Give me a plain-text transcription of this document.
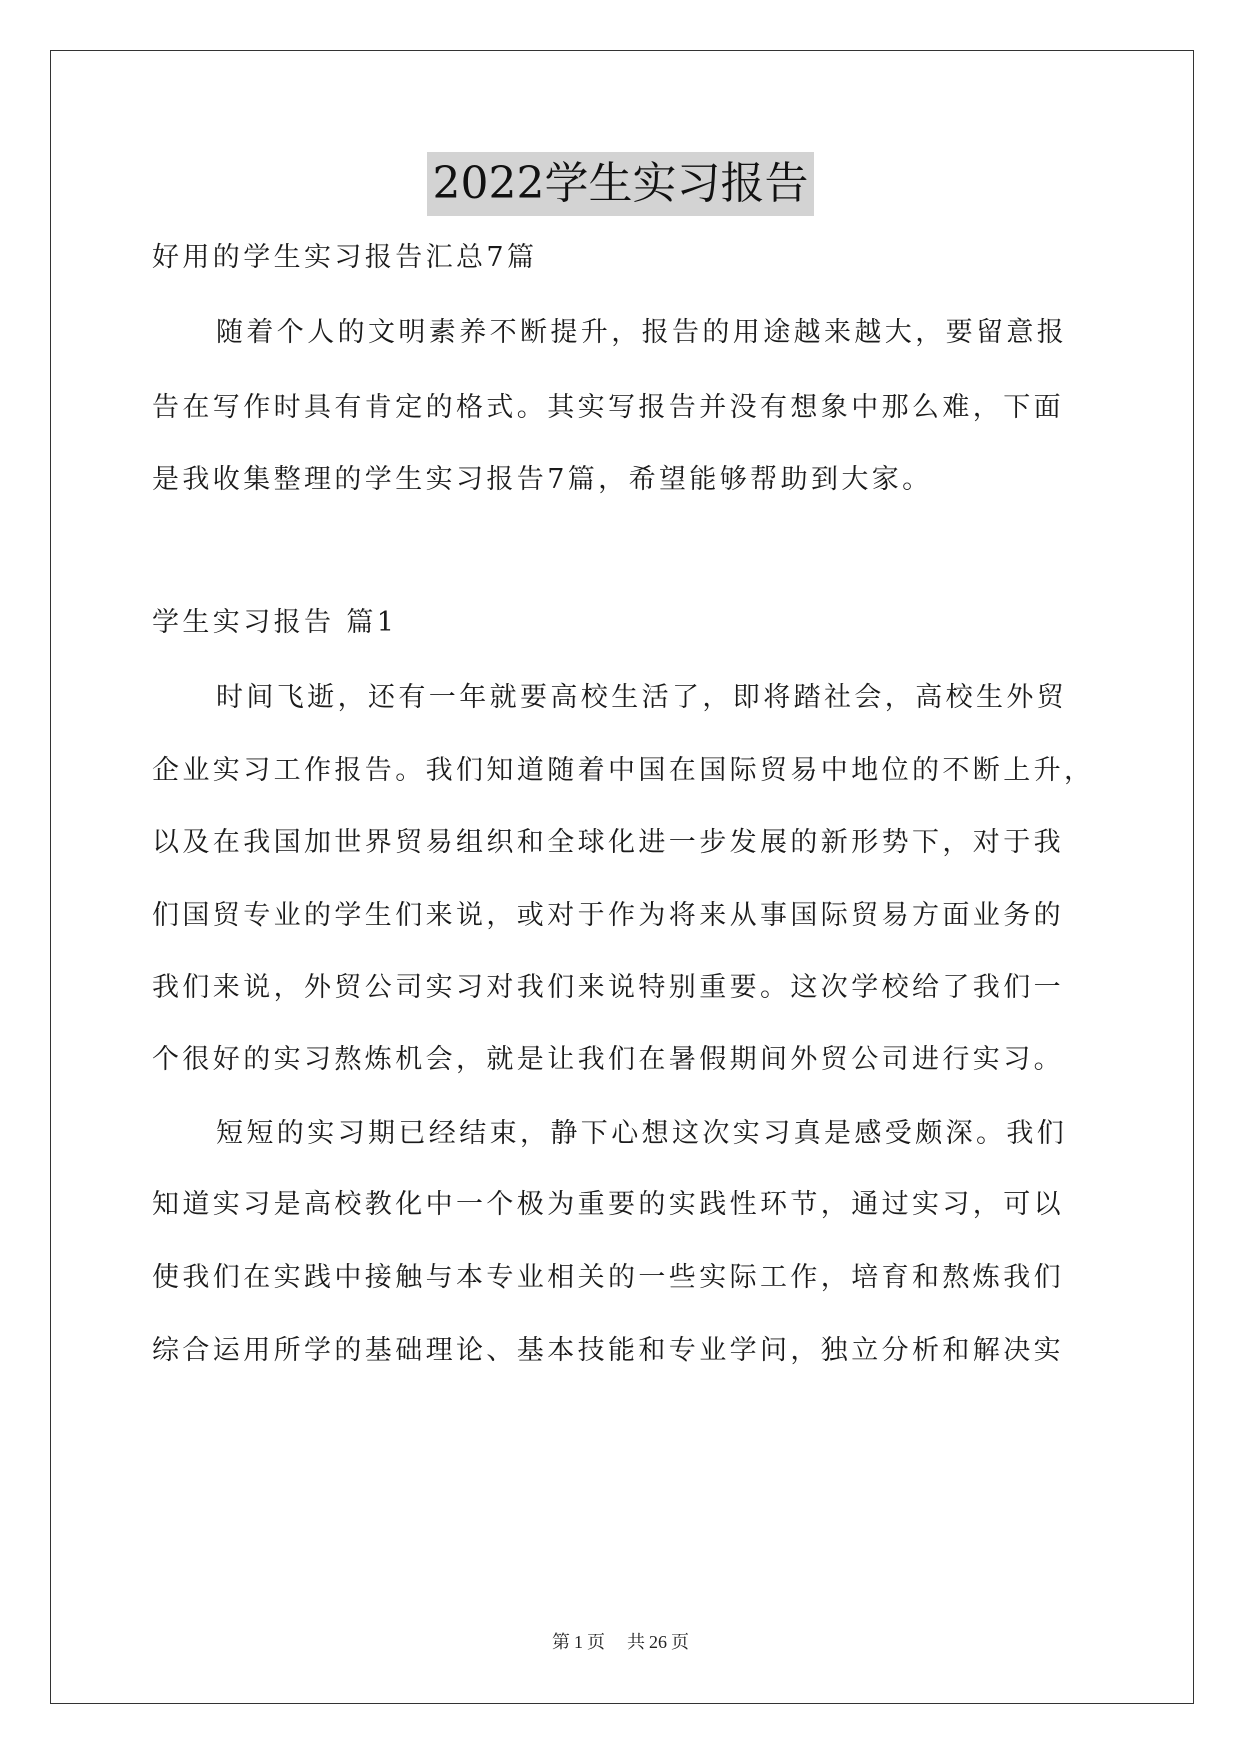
2022学生实习报告
好用的学生实习报告汇总7篇
随着个人的文明素养不断提升，报告的用途越来越大，要留意报
告在写作时具有肯定的格式。其实写报告并没有想象中那么难，下面
是我收集整理的学生实习报告7篇，希望能够帮助到大家。
学生实习报告 篇1
时间飞逝，还有一年就要高校生活了，即将踏社会，高校生外贸
企业实习工作报告。我们知道随着中国在国际贸易中地位的不断上升，
以及在我国加世界贸易组织和全球化进一步发展的新形势下，对于我
们国贸专业的学生们来说，或对于作为将来从事国际贸易方面业务的
我们来说，外贸公司实习对我们来说特别重要。这次学校给了我们一
个很好的实习熬炼机会，就是让我们在暑假期间外贸公司进行实习。
短短的实习期已经结束，静下心想这次实习真是感受颇深。我们
知道实习是高校教化中一个极为重要的实践性环节，通过实习，可以
使我们在实践中接触与本专业相关的一些实际工作，培育和熬炼我们
综合运用所学的基础理论、基本技能和专业学问，独立分析和解决实
第 1 页 共 26 页
